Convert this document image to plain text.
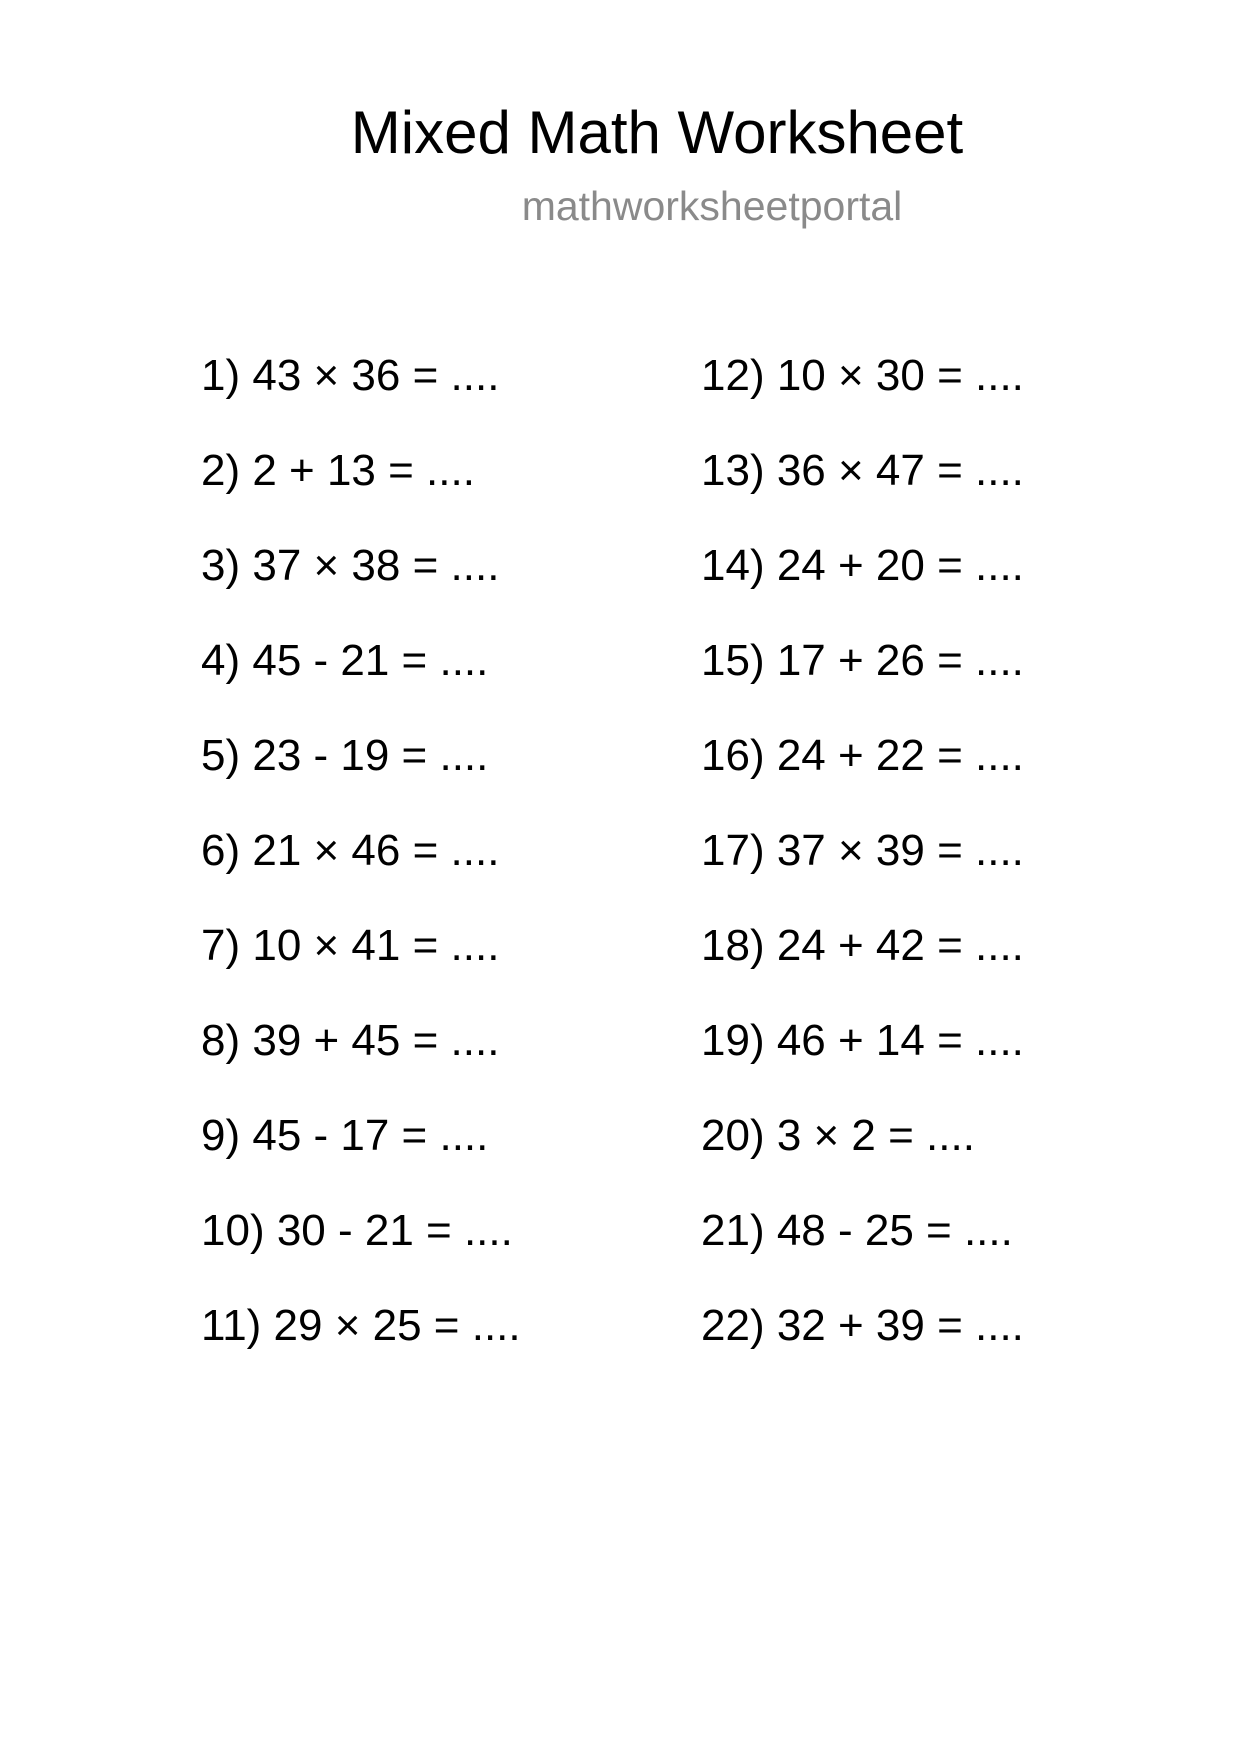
Mixed Math Worksheet
mathworksheetportal
1) 43 × 36 = ....
2) 2 + 13 = ....
3) 37 × 38 = ....
4) 45 - 21 = ....
5) 23 - 19 = ....
6) 21 × 46 = ....
7) 10 × 41 = ....
8) 39 + 45 = ....
9) 45 - 17 = ....
10) 30 - 21 = ....
11) 29 × 25 = ....
12) 10 × 30 = ....
13) 36 × 47 = ....
14) 24 + 20 = ....
15) 17 + 26 = ....
16) 24 + 22 = ....
17) 37 × 39 = ....
18) 24 + 42 = ....
19) 46 + 14 = ....
20) 3 × 2 = ....
21) 48 - 25 = ....
22) 32 + 39 = ....
